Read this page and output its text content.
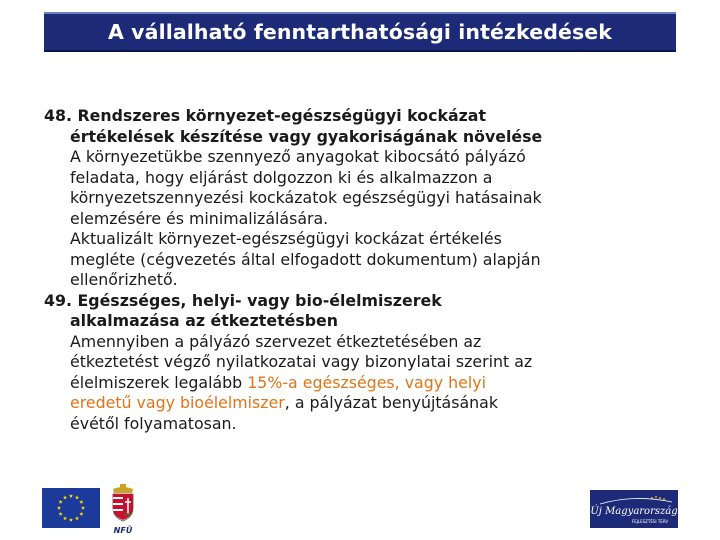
A vállalható fenntarthatósági intézkedések
48. Rendszeres környezet-egészségügyi kockázat
értékelések készítése vagy gyakoriságának növelése
A környezetükbe szennyező anyagokat kibocsátó pályázó
feladata, hogy eljárást dolgozzon ki és alkalmazzon a
környezetszennyezési kockázatok egészségügyi hatásainak
elemzésére és minimalizálására.
Aktualizált környezet-egészségügyi kockázat értékelés
megléte (cégvezetés által elfogadott dokumentum) alapján
ellenőrizhető.
49. Egészséges, helyi- vagy bio-élelmiszerek
alkalmazása az étkeztetésben
Amennyiben a pályázó szervezet étkeztetésében az
étkeztetést végző nyilatkozatai vagy bizonylatai szerint az
élelmiszerek legalább 15%-a egészséges, vagy helyi
eredetű vagy bioélelmiszer, a pályázat benyújtásának
évétől folyamatosan.
NFÜ
Új Magyarország
FEJLESZTÉSI TERV
